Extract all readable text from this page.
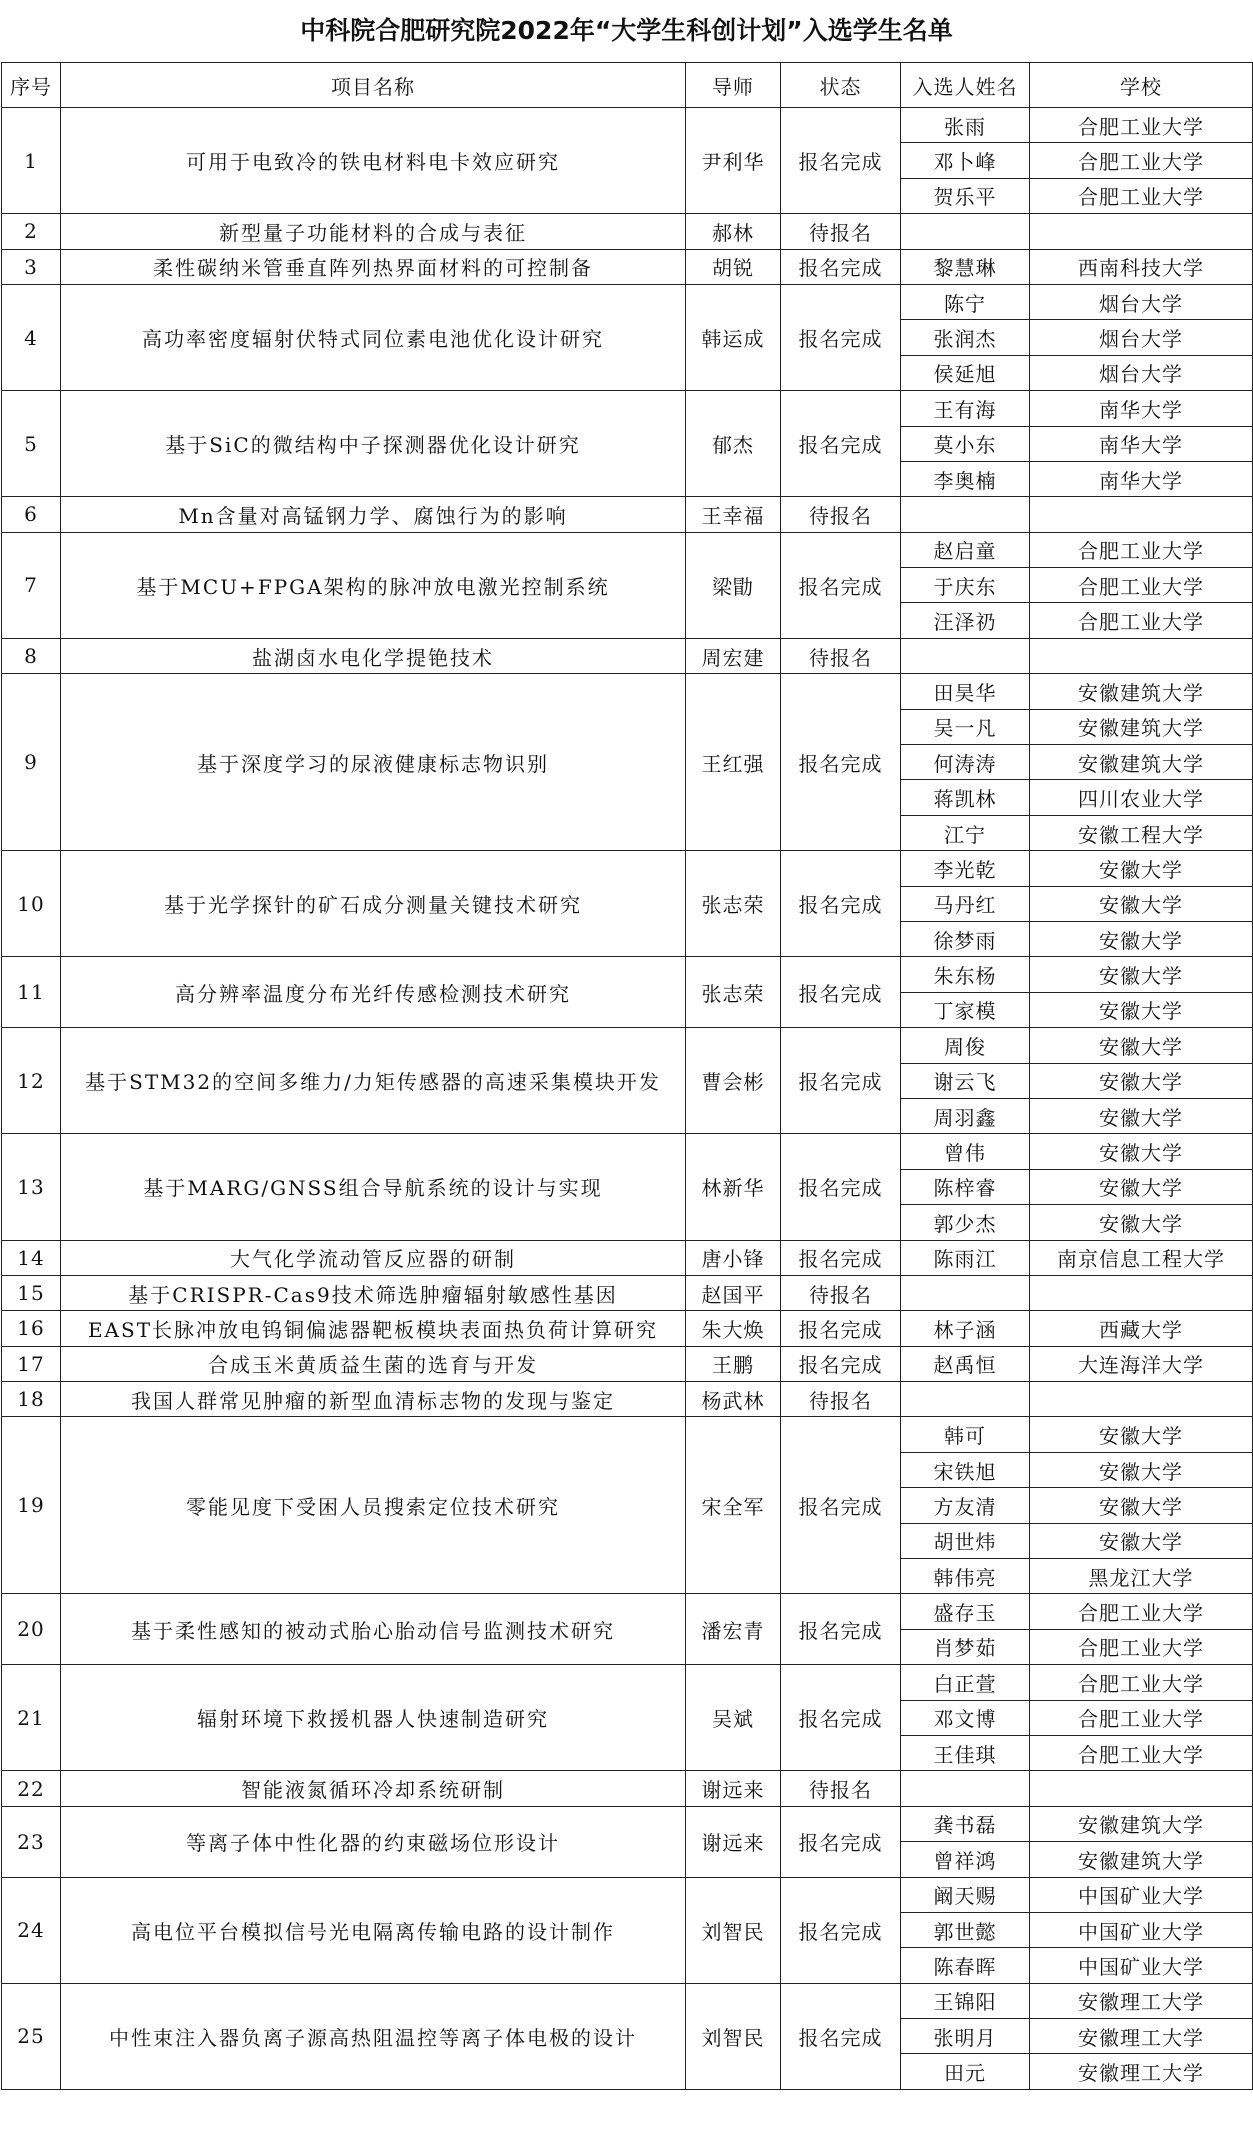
中科院合肥研究院2022年“大学生科创计划”入选学生名单
序号	项目名称	导师	状态	入选人姓名	学校
1	可用于电致冷的铁电材料电卡效应研究	尹利华	报名完成	张雨	合肥工业大学
				邓卜峰	合肥工业大学
				贺乐平	合肥工业大学
2	新型量子功能材料的合成与表征	郝林	待报名		
3	柔性碳纳米管垂直阵列热界面材料的可控制备	胡锐	报名完成	黎慧琳	西南科技大学
4	高功率密度辐射伏特式同位素电池优化设计研究	韩运成	报名完成	陈宁	烟台大学
				张润杰	烟台大学
				侯延旭	烟台大学
5	基于SiC的微结构中子探测器优化设计研究	郁杰	报名完成	王有海	南华大学
				莫小东	南华大学
				李奥楠	南华大学
6	Mn含量对高锰钢力学、腐蚀行为的影响	王幸福	待报名		
7	基于MCU+FPGA架构的脉冲放电激光控制系统	梁勖	报名完成	赵启童	合肥工业大学
				于庆东	合肥工业大学
				汪泽礽	合肥工业大学
8	盐湖卤水电化学提铯技术	周宏建	待报名		
9	基于深度学习的尿液健康标志物识别	王红强	报名完成	田昊华	安徽建筑大学
				吴一凡	安徽建筑大学
				何涛涛	安徽建筑大学
				蒋凯林	四川农业大学
				江宁	安徽工程大学
10	基于光学探针的矿石成分测量关键技术研究	张志荣	报名完成	李光乾	安徽大学
				马丹红	安徽大学
				徐梦雨	安徽大学
11	高分辨率温度分布光纤传感检测技术研究	张志荣	报名完成	朱东杨	安徽大学
				丁家模	安徽大学
12	基于STM32的空间多维力/力矩传感器的高速采集模块开发	曹会彬	报名完成	周俊	安徽大学
				谢云飞	安徽大学
				周羽鑫	安徽大学
13	基于MARG/GNSS组合导航系统的设计与实现	林新华	报名完成	曾伟	安徽大学
				陈梓睿	安徽大学
				郭少杰	安徽大学
14	大气化学流动管反应器的研制	唐小锋	报名完成	陈雨江	南京信息工程大学
15	基于CRISPR-Cas9技术筛选肿瘤辐射敏感性基因	赵国平	待报名		
16	EAST长脉冲放电钨铜偏滤器靶板模块表面热负荷计算研究	朱大焕	报名完成	林子涵	西藏大学
17	合成玉米黄质益生菌的选育与开发	王鹏	报名完成	赵禹恒	大连海洋大学
18	我国人群常见肿瘤的新型血清标志物的发现与鉴定	杨武林	待报名		
19	零能见度下受困人员搜索定位技术研究	宋全军	报名完成	韩可	安徽大学
				宋铁旭	安徽大学
				方友清	安徽大学
				胡世炜	安徽大学
				韩伟亮	黑龙江大学
20	基于柔性感知的被动式胎心胎动信号监测技术研究	潘宏青	报名完成	盛存玉	合肥工业大学
				肖梦茹	合肥工业大学
21	辐射环境下救援机器人快速制造研究	吴斌	报名完成	白正萱	合肥工业大学
				邓文博	合肥工业大学
				王佳琪	合肥工业大学
22	智能液氮循环冷却系统研制	谢远来	待报名		
23	等离子体中性化器的约束磁场位形设计	谢远来	报名完成	龚书磊	安徽建筑大学
				曾祥鸿	安徽建筑大学
24	高电位平台模拟信号光电隔离传输电路的设计制作	刘智民	报名完成	阚天赐	中国矿业大学
				郭世懿	中国矿业大学
				陈春晖	中国矿业大学
25	中性束注入器负离子源高热阻温控等离子体电极的设计	刘智民	报名完成	王锦阳	安徽理工大学
				张明月	安徽理工大学
				田元	安徽理工大学
